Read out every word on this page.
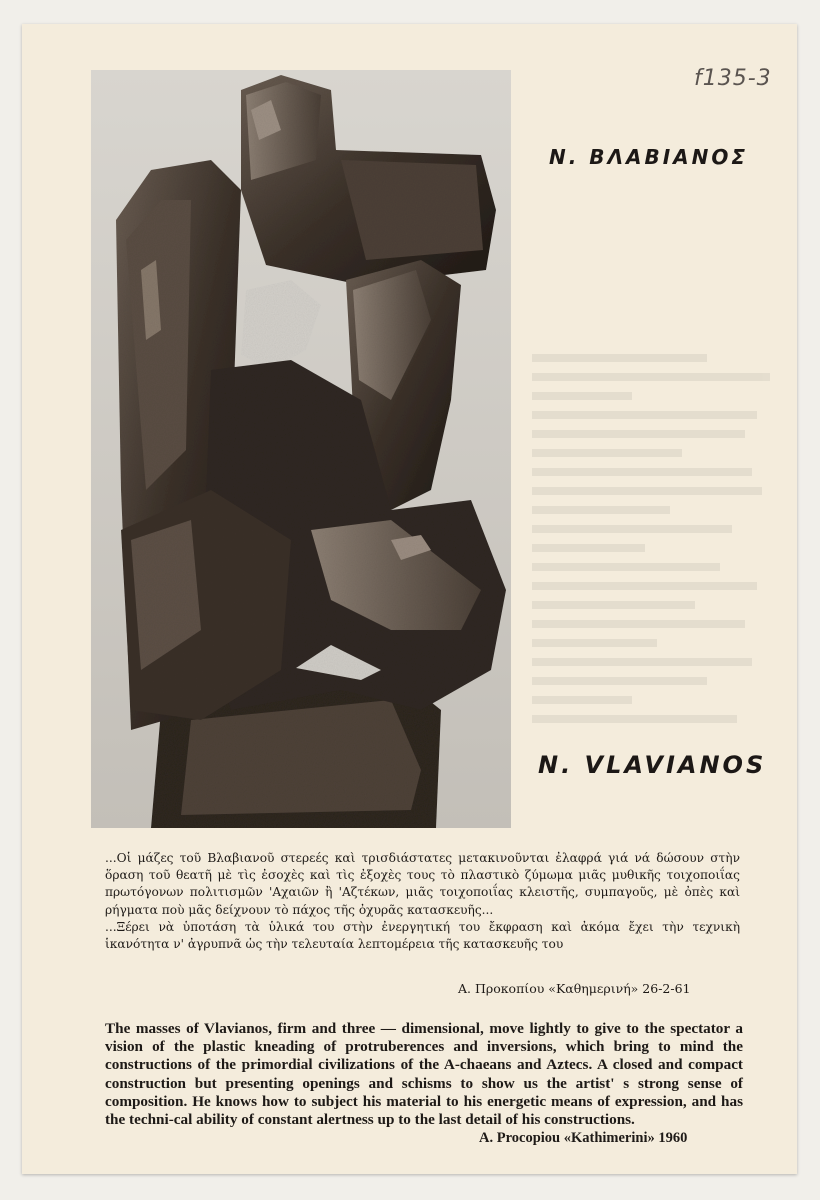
f135-3
Ν. ΒΛΑΒΙΑΝΟΣ
N. VLAVIANOS

...Οἱ μάζες τοῦ Βλαβιανοῦ στερεές καὶ τρισδιάστατες μετακινοῦνται ἐλαφρά γιά νά δώσουν στὴν ὅραση τοῦ θεατῆ μὲ τὶς ἐσοχὲς καὶ τὶς ἐξοχὲς τους τὸ πλαστικὸ ζύμωμα μιᾶς μυθικῆς τοιχοποιΐας πρωτόγονων πολιτισμῶν 'Αχαιῶν ἢ 'Αζτέκων, μιᾶς τοιχοποιΐας κλειστῆς, συμπαγοῦς, μὲ ὀπὲς καὶ ρήγματα ποὺ μᾶς δείχνουν τὸ πάχος τῆς ὀχυρᾶς κατασκευῆς...

...Ξέρει νὰ ὑποτάση τὰ ὑλικά του στὴν ἐνεργητική του ἔκφραση καὶ ἀκόμα ἔχει τὴν τεχνικὴ ἱκανότητα ν' ἀγρυπνᾶ ὡς τὴν τελευταία λεπτομέρεια τῆς κατασκευῆς του

Α. Προκοπίου «Καθημερινή» 26-2-61
The masses of Vlavianos, firm and three — dimensional, move lightly to give to the spectator a vision of the plastic kneading of protruberences and inversions, which bring to mind the constructions of the primordial civilizations of the A-chaeans and Aztecs. A closed and compact construction but presenting openings and schisms to show us the artist' s strong sense of composition. He knows how to subject his material to his energetic means of expression, and has the techni-cal ability of constant alertness up to the last detail of his constructions.
A. Procopiou «Kathimerini» 1960
